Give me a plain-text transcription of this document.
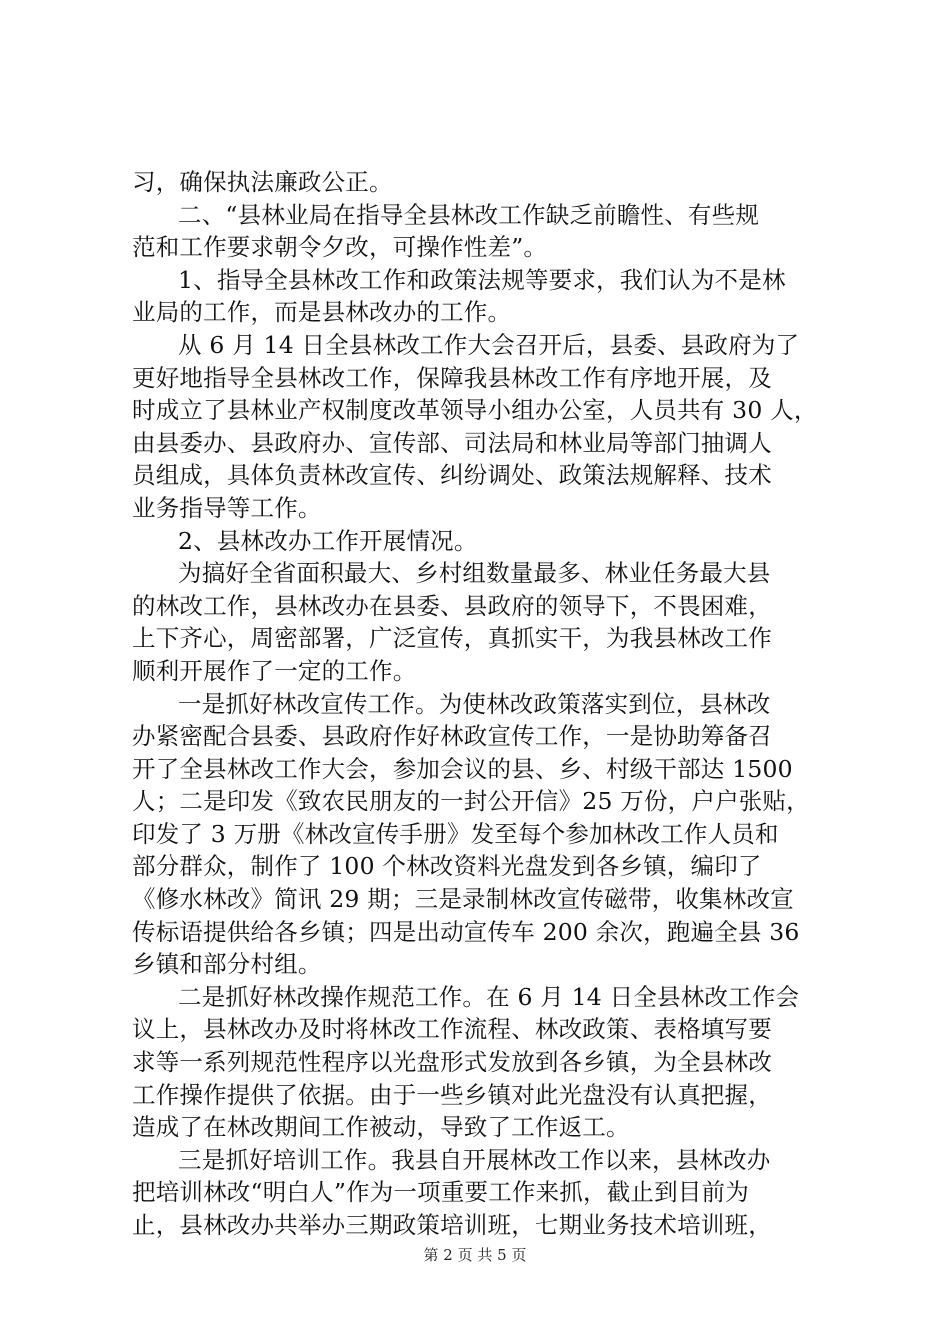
习，确保执法廉政公正。
二、“县林业局在指导全县林改工作缺乏前瞻性、有些规
范和工作要求朝令夕改，可操作性差”。
1、指导全县林改工作和政策法规等要求，我们认为不是林
业局的工作，而是县林改办的工作。
从 6 月 14 日全县林改工作大会召开后，县委、县政府为了
更好地指导全县林改工作，保障我县林改工作有序地开展，及
时成立了县林业产权制度改革领导小组办公室，人员共有 30 人，
由县委办、县政府办、宣传部、司法局和林业局等部门抽调人
员组成，具体负责林改宣传、纠纷调处、政策法规解释、技术
业务指导等工作。
2、县林改办工作开展情况。
为搞好全省面积最大、乡村组数量最多、林业任务最大县
的林改工作，县林改办在县委、县政府的领导下，不畏困难，
上下齐心，周密部署，广泛宣传，真抓实干，为我县林改工作
顺利开展作了一定的工作。
一是抓好林改宣传工作。为使林改政策落实到位，县林改
办紧密配合县委、县政府作好林政宣传工作，一是协助筹备召
开了全县林改工作大会，参加会议的县、乡、村级干部达 1500
人；二是印发《致农民朋友的一封公开信》25 万份，户户张贴，
印发了 3 万册《林改宣传手册》发至每个参加林改工作人员和
部分群众，制作了 100 个林改资料光盘发到各乡镇，编印了
《修水林改》简讯 29 期；三是录制林改宣传磁带，收集林改宣
传标语提供给各乡镇；四是出动宣传车 200 余次，跑遍全县 36
乡镇和部分村组。
二是抓好林改操作规范工作。在 6 月 14 日全县林改工作会
议上，县林改办及时将林改工作流程、林改政策、表格填写要
求等一系列规范性程序以光盘形式发放到各乡镇，为全县林改
工作操作提供了依据。由于一些乡镇对此光盘没有认真把握，
造成了在林改期间工作被动，导致了工作返工。
三是抓好培训工作。我县自开展林改工作以来，县林改办
把培训林改“明白人”作为一项重要工作来抓，截止到目前为
止，县林改办共举办三期政策培训班，七期业务技术培训班，
第 2 页 共 5 页
